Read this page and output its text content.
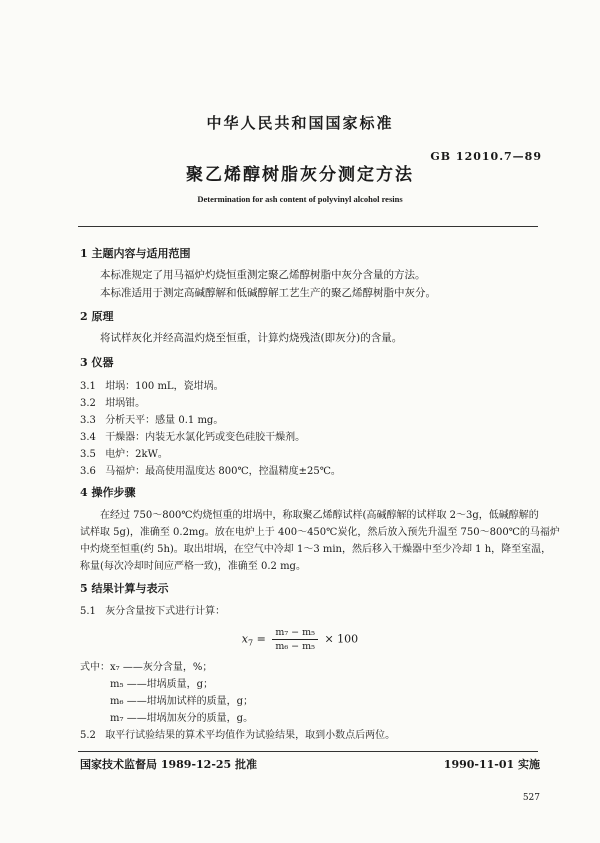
中华人民共和国国家标准
GB 12010.7—89
聚乙烯醇树脂灰分测定方法
Determination for ash content of polyvinyl alcohol resins
1 主题内容与适用范围
本标准规定了用马福炉灼烧恒重测定聚乙烯醇树脂中灰分含量的方法。
本标准适用于测定高碱醇解和低碱醇解工艺生产的聚乙烯醇树脂中灰分。
2 原理
将试样灰化并经高温灼烧至恒重，计算灼烧残渣(即灰分)的含量。
3 仪器
3.1 坩埚：100 mL，瓷坩埚。
3.2 坩埚钳。
3.3 分析天平：感量 0.1 mg。
3.4 干燥器：内装无水氯化钙或变色硅胶干燥剂。
3.5 电炉：2kW。
3.6 马福炉：最高使用温度达 800℃，控温精度±25℃。
4 操作步骤
在经过 750～800℃灼烧恒重的坩埚中，称取聚乙烯醇试样(高碱醇解的试样取 2～3g，低碱醇解的
试样取 5g)，准确至 0.2mg。放在电炉上于 400～450℃炭化，然后放入预先升温至 750～800℃的马福炉
中灼烧至恒重(约 5h)。取出坩埚，在空气中冷却 1～3 min，然后移入干燥器中至少冷却 1 h，降至室温，
称量(每次冷却时间应严格一致)，准确至 0.2 mg。
5 结果计算与表示
5.1 灰分含量按下式进行计算：
$x_7 = \frac{\text{m₇ − m₅}}{\text{m₆ − m₅}} \times 100$
式中： x₇ ——灰分含量，%；
m₅ ——坩埚质量，g；
m₆ ——坩埚加试样的质量，g；
m₇ ——坩埚加灰分的质量，g。
5.2 取平行试验结果的算术平均值作为试验结果，取到小数点后两位。
国家技术监督局 1989-12-25 批准	1990-11-01 实施
527
